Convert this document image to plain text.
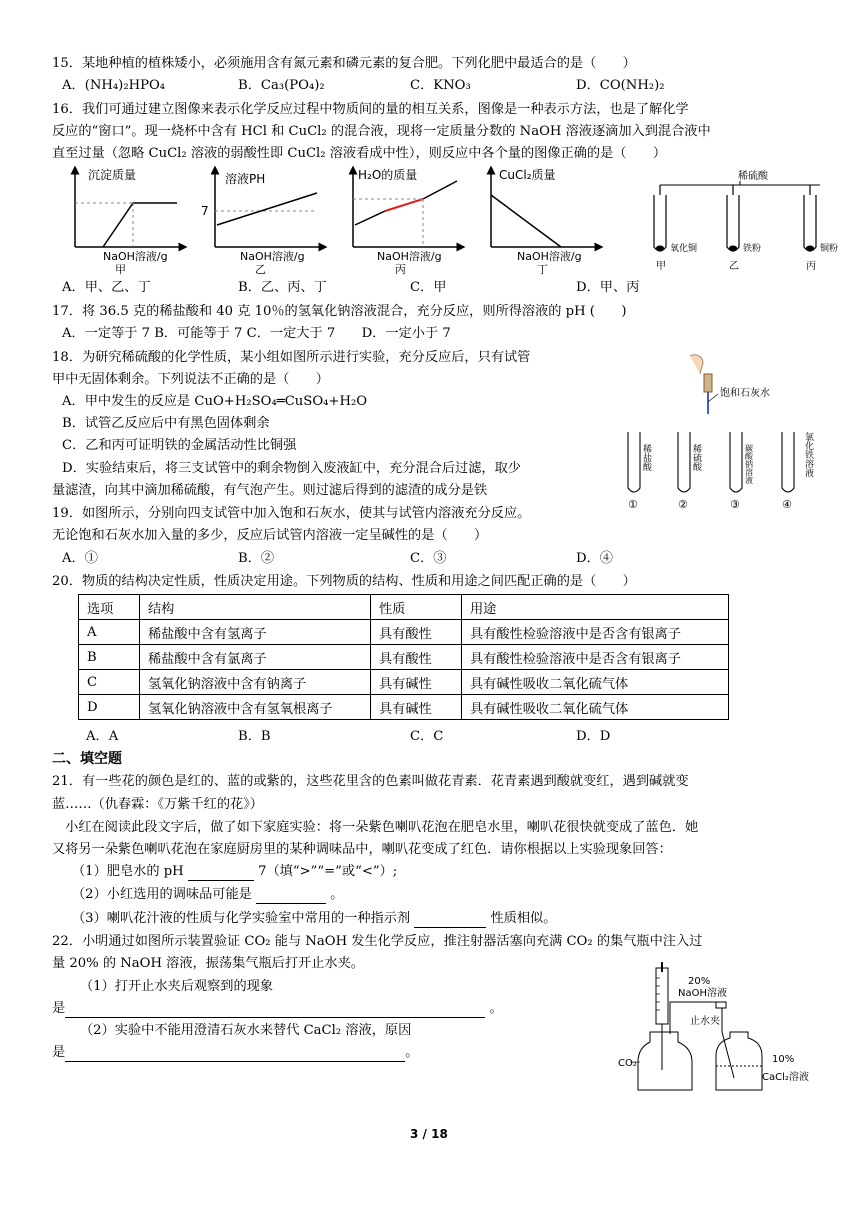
15．某地种植的植株矮小，必须施用含有氮元素和磷元素的复合肥。下列化肥中最适合的是（　　）
A．(NH₄)₂HPO₄	B．Ca₃(PO₄)₂	C．KNO₃	D．CO(NH₂)₂
16．我们可通过建立图像来表示化学反应过程中物质间的量的相互关系，图像是一种表示方法，也是了解化学
反应的“窗口”。现一烧杯中含有 HCl 和 CuCl₂ 的混合液，现将一定质量分数的 NaOH 溶液逐滴加入到混合液中
直至过量（忽略 CuCl₂ 溶液的弱酸性即 CuCl₂ 溶液看成中性），则反应中各个量的图像正确的是（　　）
沉淀质量
NaOH溶液/g
甲
溶液PH
7
NaOH溶液/g
乙
H₂O的质量
NaOH溶液/g
丙
CuCl₂质量
NaOH溶液/g
丁
稀硫酸
氧化铜	铁粉	铜粉
甲	乙	丙
A．甲、乙、丁	B．乙、丙、丁	C．甲	D．甲、丙
17．将 36.5 克的稀盐酸和 40 克 10％的氢氧化钠溶液混合，充分反应，则所得溶液的 pH (　　)
A．一定等于 7 B．可能等于 7 C．一定大于 7　　D．一定小于 7
18．为研究稀硫酸的化学性质，某小组如图所示进行实验，充分反应后，只有试管
甲中无固体剩余。下列说法不正确的是（　　）
A．甲中发生的反应是 CuO+H₂SO₄═CuSO₄+H₂O
B．试管乙反应后中有黑色固体剩余
C．乙和丙可证明铁的金属活动性比铜强
D．实验结束后，将三支试管中的剩余物倒入废液缸中，充分混合后过滤，取少
量滤渣，向其中滴加稀硫酸，有气泡产生。则过滤后得到的滤渣的成分是铁
饱和石灰水
稀盐酸	稀硫酸	碳酸钠溶液	氯化铁溶液
①	②	③	④
19．如图所示，分别向四支试管中加入饱和石灰水，使其与试管内溶液充分反应。
无论饱和石灰水加入量的多少，反应后试管内溶液一定呈碱性的是（　　）
A．①	B．②	C．③	D．④
20．物质的结构决定性质，性质决定用途。下列物质的结构、性质和用途之间匹配正确的是（　　）
选项	结构	性质	用途
A	稀盐酸中含有氢离子	具有酸性	具有酸性检验溶液中是否含有银离子
B	稀盐酸中含有氯离子	具有酸性	具有酸性检验溶液中是否含有银离子
C	氢氧化钠溶液中含有钠离子	具有碱性	具有碱性吸收二氧化硫气体
D	氢氧化钠溶液中含有氢氧根离子	具有碱性	具有碱性吸收二氧化硫气体
A．A	B．B	C．C	D．D
二、填空题
21．有一些花的颜色是红的、蓝的或紫的，这些花里含的色素叫做花青素．花青素遇到酸就变红，遇到碱就变
蓝……（仇春霖：《万紫千红的花》）
　小红在阅读此段文字后，做了如下家庭实验：将一朵紫色喇叭花泡在肥皂水里，喇叭花很快就变成了蓝色．她
又将另一朵紫色喇叭花泡在家庭厨房里的某种调味品中，喇叭花变成了红色．请你根据以上实验现象回答：
（1）肥皂水的 pH	7（填“>”“=”或“<”）;
（2）小红选用的调味品可能是	。
（3）喇叭花汁液的性质与化学实验室中常用的一种指示剂	性质相似。
22．小明通过如图所示装置验证 CO₂ 能与 NaOH 发生化学反应，推注射器活塞向充满 CO₂ 的集气瓶中注入过
量 20% 的 NaOH 溶液，振荡集气瓶后打开止水夹。
（1）打开止水夹后观察到的现象
是	。
（2）实验中不能用澄清石灰水来替代 CaCl₂ 溶液，原因
是	。
20%
NaOH溶液
CO₂
止水夹
10%
CaCl₂溶液
3 / 18
